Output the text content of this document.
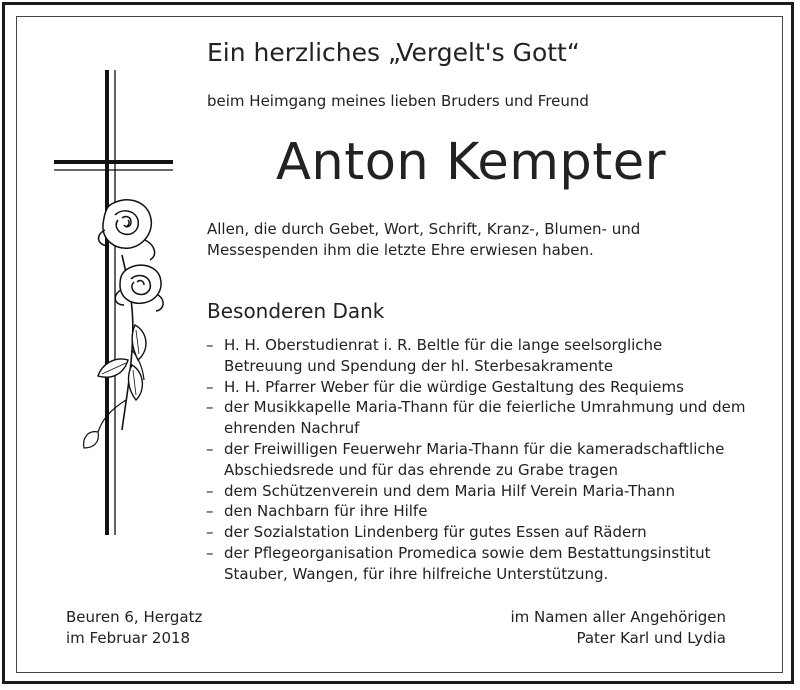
Ein herzliches „Vergelt's Gott“
beim Heimgang meines lieben Bruders und Freund
Anton Kempter
Allen, die durch Gebet, Wort, Schrift, Kranz-, Blumen- und
Messespenden ihm die letzte Ehre erwiesen haben.
Besonderen Dank
– H. H. Oberstudienrat i. R. Beltle für die lange seelsorgliche
Betreuung und Spendung der hl. Sterbesakramente
– H. H. Pfarrer Weber für die würdige Gestaltung des Requiems
– der Musikkapelle Maria-Thann für die feierliche Umrahmung und dem
ehrenden Nachruf
– der Freiwilligen Feuerwehr Maria-Thann für die kameradschaftliche
Abschiedsrede und für das ehrende zu Grabe tragen
– dem Schützenverein und dem Maria Hilf Verein Maria-Thann
– den Nachbarn für ihre Hilfe
– der Sozialstation Lindenberg für gutes Essen auf Rädern
– der Pflegeorganisation Promedica sowie dem Bestattungsinstitut
Stauber, Wangen, für ihre hilfreiche Unterstützung.
Beuren 6, Hergatz
im Februar 2018
im Namen aller Angehörigen
Pater Karl und Lydia
